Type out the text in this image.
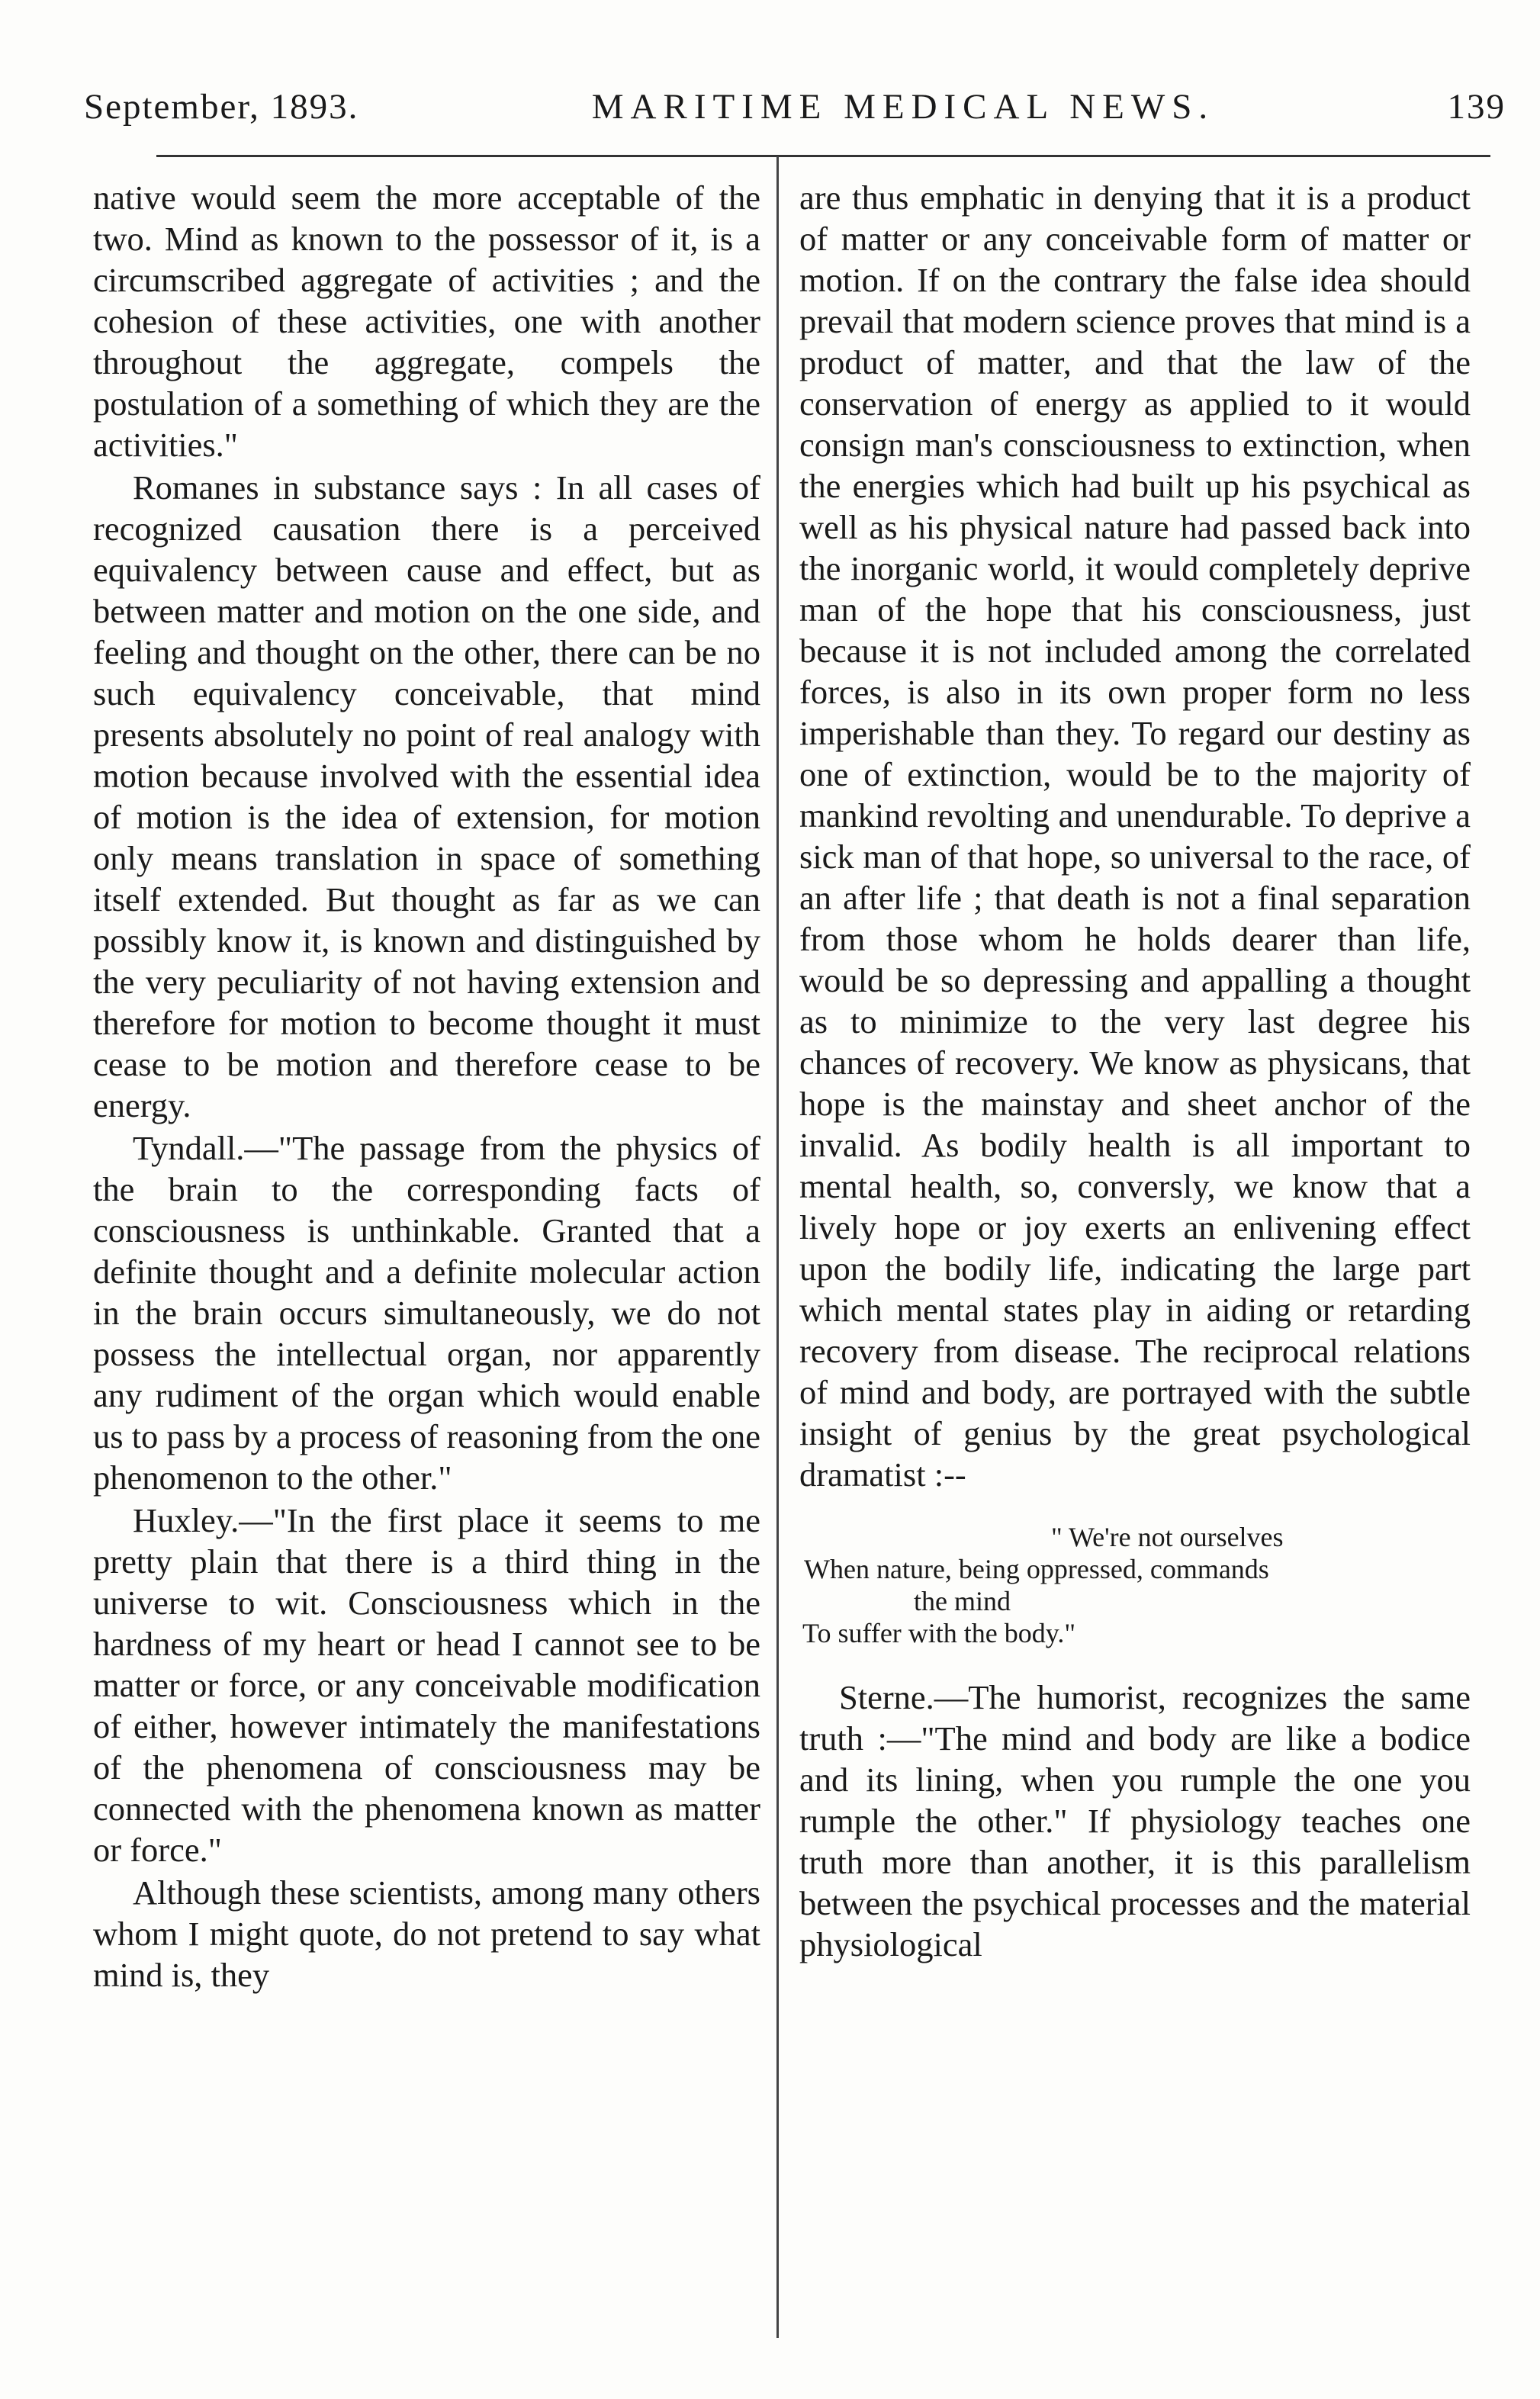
September, 1893.	MARITIME MEDICAL NEWS.	139

native would seem the more acceptable of the two. Mind as known to the possessor of it, is a circumscribed aggregate of activities ; and the cohesion of these activities, one with another throughout the aggregate, compels the postulation of a something of which they are the activities."

Romanes in substance says : In all cases of recognized causation there is a perceived equivalency between cause and effect, but as between matter and motion on the one side, and feeling and thought on the other, there can be no such equivalency conceivable, that mind presents absolutely no point of real analogy with motion because involved with the essential idea of motion is the idea of extension, for motion only means translation in space of something itself extended. But thought as far as we can possibly know it, is known and distinguished by the very peculiarity of not having extension and therefore for motion to become thought it must cease to be motion and therefore cease to be energy.

Tyndall.—"The passage from the physics of the brain to the corresponding facts of consciousness is unthinkable. Granted that a definite thought and a definite molecular action in the brain occurs simultaneously, we do not possess the intellectual organ, nor apparently any rudiment of the organ which would enable us to pass by a process of reasoning from the one phenomenon to the other."

Huxley.—"In the first place it seems to me pretty plain that there is a third thing in the universe to wit. Consciousness which in the hardness of my heart or head I cannot see to be matter or force, or any conceivable modification of either, however intimately the manifestations of the phenomena of consciousness may be connected with the phenomena known as matter or force."

Although these scientists, among many others whom I might quote, do not pretend to say what mind is, they

are thus emphatic in denying that it is a product of matter or any conceivable form of matter or motion. If on the contrary the false idea should prevail that modern science proves that mind is a product of matter, and that the law of the conservation of energy as applied to it would consign man's consciousness to extinction, when the energies which had built up his psychical as well as his physical nature had passed back into the inorganic world, it would completely deprive man of the hope that his consciousness, just because it is not included among the correlated forces, is also in its own proper form no less imperishable than they. To regard our destiny as one of extinction, would be to the majority of mankind revolting and unendurable. To deprive a sick man of that hope, so universal to the race, of an after life ; that death is not a final separation from those whom he holds dearer than life, would be so depressing and appalling a thought as to minimize to the very last degree his chances of recovery. We know as physicans, that hope is the mainstay and sheet anchor of the invalid. As bodily health is all important to mental health, so, conversly, we know that a lively hope or joy exerts an enlivening effect upon the bodily life, indicating the large part which mental states play in aiding or retarding recovery from disease. The reciprocal relations of mind and body, are portrayed with the subtle insight of genius by the great psychological dramatist :--

" We're not ourselves
When nature, being oppressed, commands
the mind
To suffer with the body."

Sterne.—The humorist, recognizes the same truth :—"The mind and body are like a bodice and its lining, when you rumple the one you rumple the other." If physiology teaches one truth more than another, it is this parallelism between the psychical processes and the material physiological
